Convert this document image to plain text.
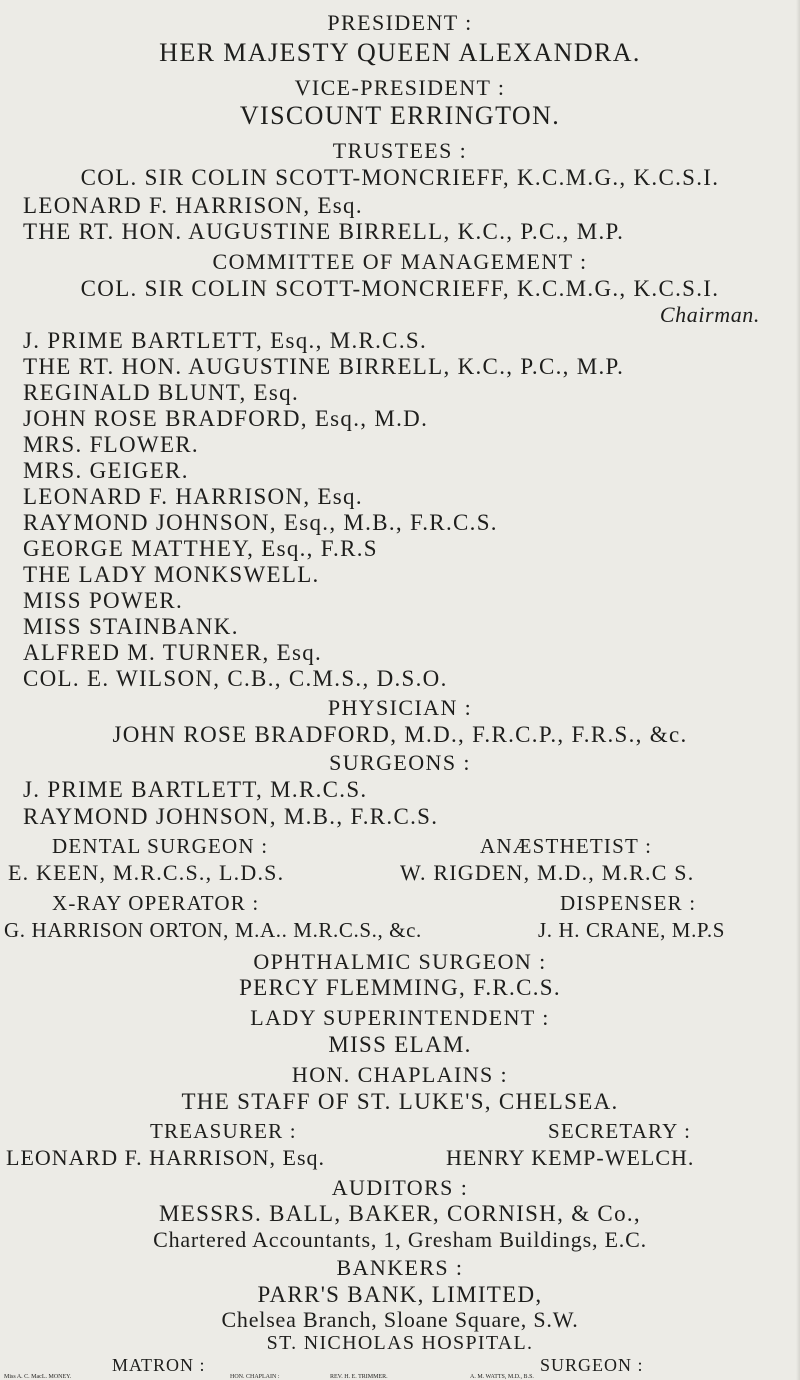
PRESIDENT :
HER MAJESTY QUEEN ALEXANDRA.
VICE-PRESIDENT :
VISCOUNT ERRINGTON.
TRUSTEES :
COL. SIR COLIN SCOTT-MONCRIEFF, K.C.M.G., K.C.S.I.
LEONARD F. HARRISON, Esq.
THE RT. HON. AUGUSTINE BIRRELL, K.C., P.C., M.P.
COMMITTEE OF MANAGEMENT :
COL. SIR COLIN SCOTT-MONCRIEFF, K.C.M.G., K.C.S.I.
Chairman.
J. PRIME BARTLETT, Esq., M.R.C.S.
THE RT. HON. AUGUSTINE BIRRELL, K.C., P.C., M.P.
REGINALD BLUNT, Esq.
JOHN ROSE BRADFORD, Esq., M.D.
MRS. FLOWER.
MRS. GEIGER.
LEONARD F. HARRISON, Esq.
RAYMOND JOHNSON, Esq., M.B., F.R.C.S.
GEORGE MATTHEY, Esq., F.R.S
THE LADY MONKSWELL.
MISS POWER.
MISS STAINBANK.
ALFRED M. TURNER, Esq.
COL. E. WILSON, C.B., C.M.S., D.S.O.
PHYSICIAN :
JOHN ROSE BRADFORD, M.D., F.R.C.P., F.R.S., &c.
SURGEONS :
J. PRIME BARTLETT, M.R.C.S.
RAYMOND JOHNSON, M.B., F.R.C.S.
DENTAL SURGEON :	ANÆSTHETIST :
E. KEEN, M.R.C.S., L.D.S.	W. RIGDEN, M.D., M.R.C S.
X-RAY OPERATOR :	DISPENSER :
G. HARRISON ORTON, M.A.. M.R.C.S., &c.	J. H. CRANE, M.P.S
OPHTHALMIC SURGEON :
PERCY FLEMMING, F.R.C.S.
LADY SUPERINTENDENT :
MISS ELAM.
HON. CHAPLAINS :
THE STAFF OF ST. LUKE'S, CHELSEA.
TREASURER :	SECRETARY :
LEONARD F. HARRISON, Esq.	HENRY KEMP-WELCH.
AUDITORS :
MESSRS. BALL, BAKER, CORNISH, & Co.,
Chartered Accountants, 1, Gresham Buildings, E.C.
BANKERS :
PARR'S BANK, LIMITED,
Chelsea Branch, Sloane Square, S.W.
ST. NICHOLAS HOSPITAL.
MATRON :	SURGEON :
Miss A. C. MacL. MONEY.	A. M. WATTS, M.D., B.S.
HON. CHAPLAIN :	REV. H. E. TRIMMER.
